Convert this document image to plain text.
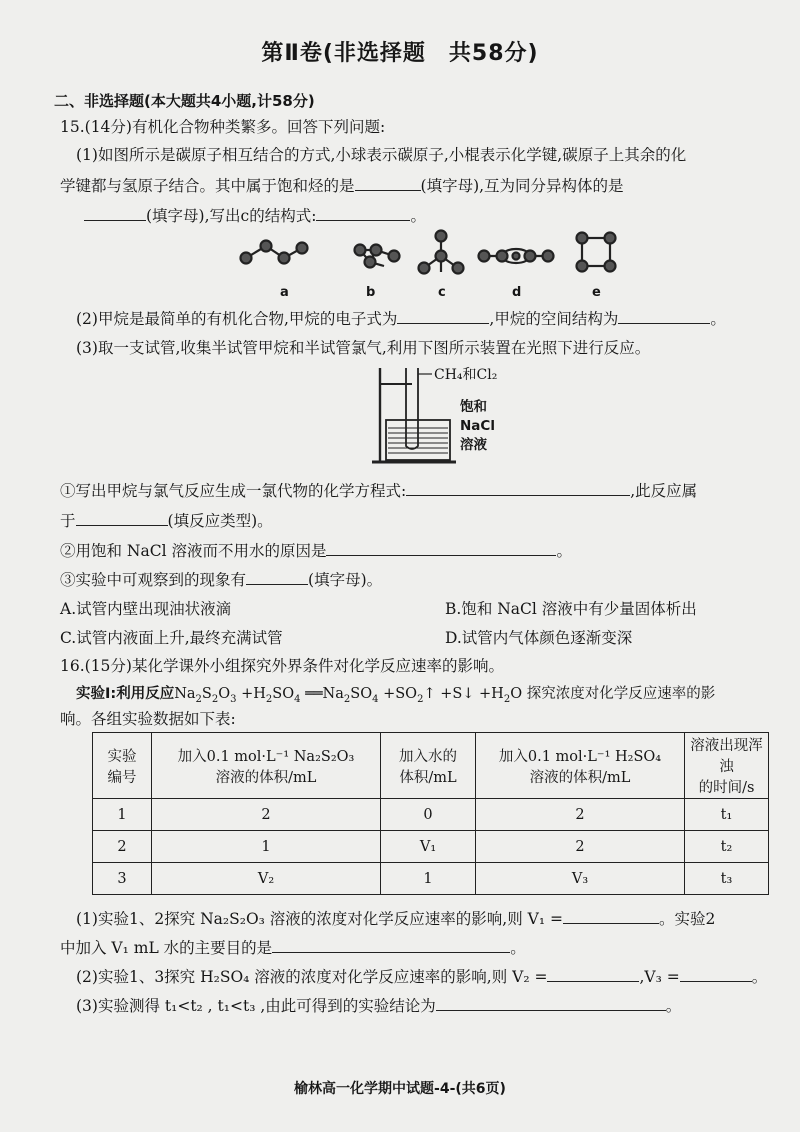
第Ⅱ卷(非选择题　共58分)
二、非选择题(本大题共4小题,计58分)
15.(14分)有机化合物种类繁多。回答下列问题:
(1)如图所示是碳原子相互结合的方式,小球表示碳原子,小棍表示化学键,碳原子上其余的化
学键都与氢原子结合。其中属于饱和烃的是	(填字母),互为同分异构体的是
(填字母),写出c的结构式:	。
a	b	c	d	e
(2)甲烷是最简单的有机化合物,甲烷的电子式为	,甲烷的空间结构为	。
(3)取一支试管,收集半试管甲烷和半试管氯气,利用下图所示装置在光照下进行反应。
CH₄和Cl₂
饱和
NaCl
溶液
①写出甲烷与氯气反应生成一氯代物的化学方程式:	,此反应属
于	(填反应类型)。
②用饱和 NaCl 溶液而不用水的原因是	。
③实验中可观察到的现象有	(填字母)。
A.试管内壁出现油状液滴	B.饱和 NaCl 溶液中有少量固体析出
C.试管内液面上升,最终充满试管	D.试管内气体颜色逐渐变深
16.(15分)某化学课外小组探究外界条件对化学反应速率的影响。
实验Ⅰ:利用反应$Na_2S_2O_3 +H_2SO_4$ $══Na_2SO_4$ $+SO_2↑$ +S↓ $+H_2O$ 探究浓度对化学反应速率的影
响。各组实验数据如下表:
实验
编号	加入0.1 mol·L⁻¹ Na₂S₂O₃
溶液的体积/mL	加入水的
体积/mL	加入0.1 mol·L⁻¹ H₂SO₄
溶液的体积/mL	溶液出现浑浊
的时间/s
1	2	0	2	t₁
2	1	V₁	2	t₂
3	V₂	1	V₃	t₃
(1)实验1、2探究 Na₂S₂O₃ 溶液的浓度对化学反应速率的影响,则 V₁ =	。实验2
中加入 V₁ mL 水的主要目的是	。
(2)实验1、3探究 H₂SO₄ 溶液的浓度对化学反应速率的影响,则 V₂ =	,V₃ =	。
(3)实验测得 t₁<t₂ , t₁<t₃ ,由此可得到的实验结论为	。
榆林高一化学期中试题-4-(共6页)
